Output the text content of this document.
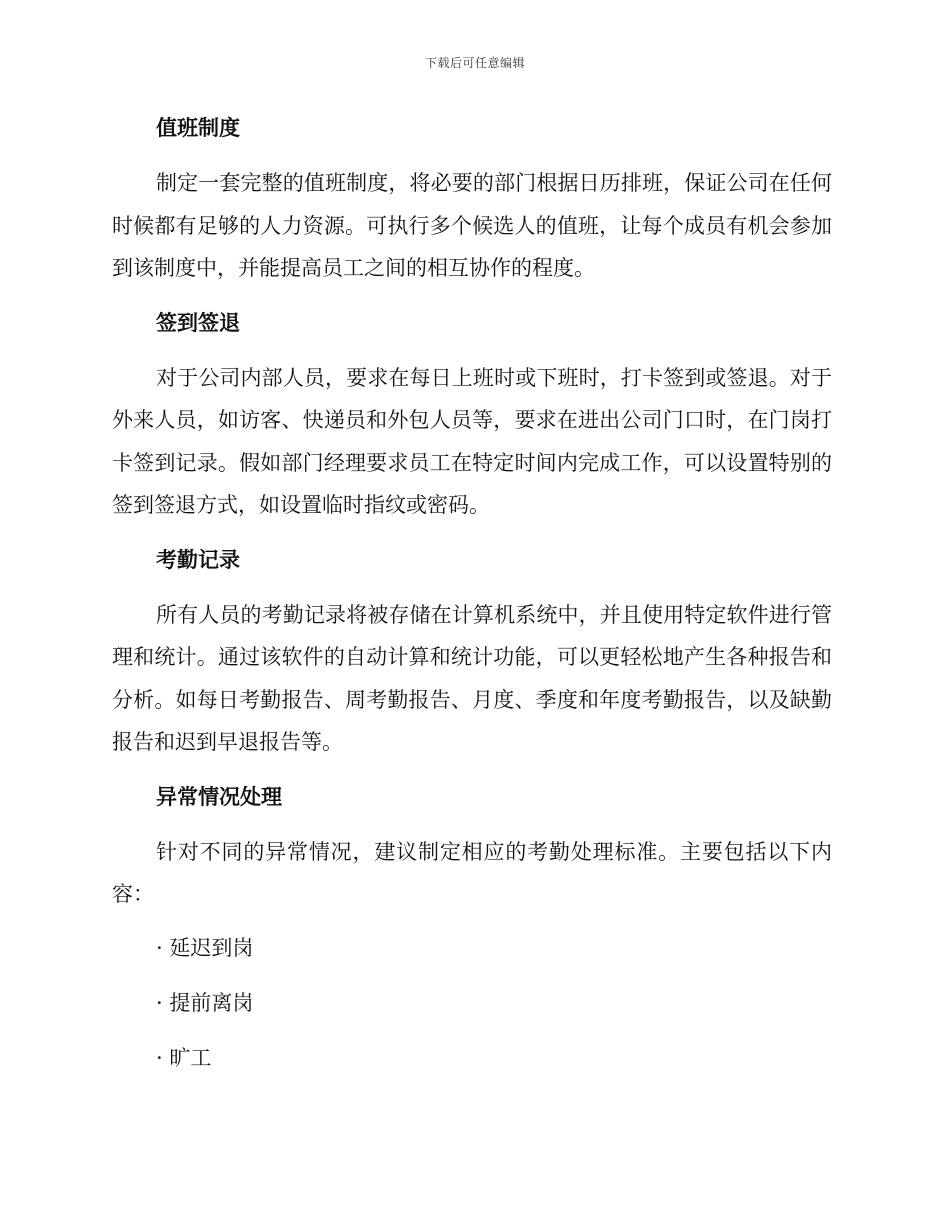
下载后可任意编辑
值班制度

制定一套完整的值班制度，将必要的部门根据日历排班，保证公司在任何时候都有足够的人力资源。可执行多个候选人的值班，让每个成员有机会参加到该制度中，并能提高员工之间的相互协作的程度。

签到签退

对于公司内部人员，要求在每日上班时或下班时，打卡签到或签退。对于外来人员，如访客、快递员和外包人员等，要求在进出公司门口时，在门岗打卡签到记录。假如部门经理要求员工在特定时间内完成工作，可以设置特别的签到签退方式，如设置临时指纹或密码。

考勤记录

所有人员的考勤记录将被存储在计算机系统中，并且使用特定软件进行管理和统计。通过该软件的自动计算和统计功能，可以更轻松地产生各种报告和分析。如每日考勤报告、周考勤报告、月度、季度和年度考勤报告，以及缺勤报告和迟到早退报告等。

异常情况处理

针对不同的异常情况，建议制定相应的考勤处理标准。主要包括以下内容：

· 延迟到岗
· 提前离岗
· 旷工
